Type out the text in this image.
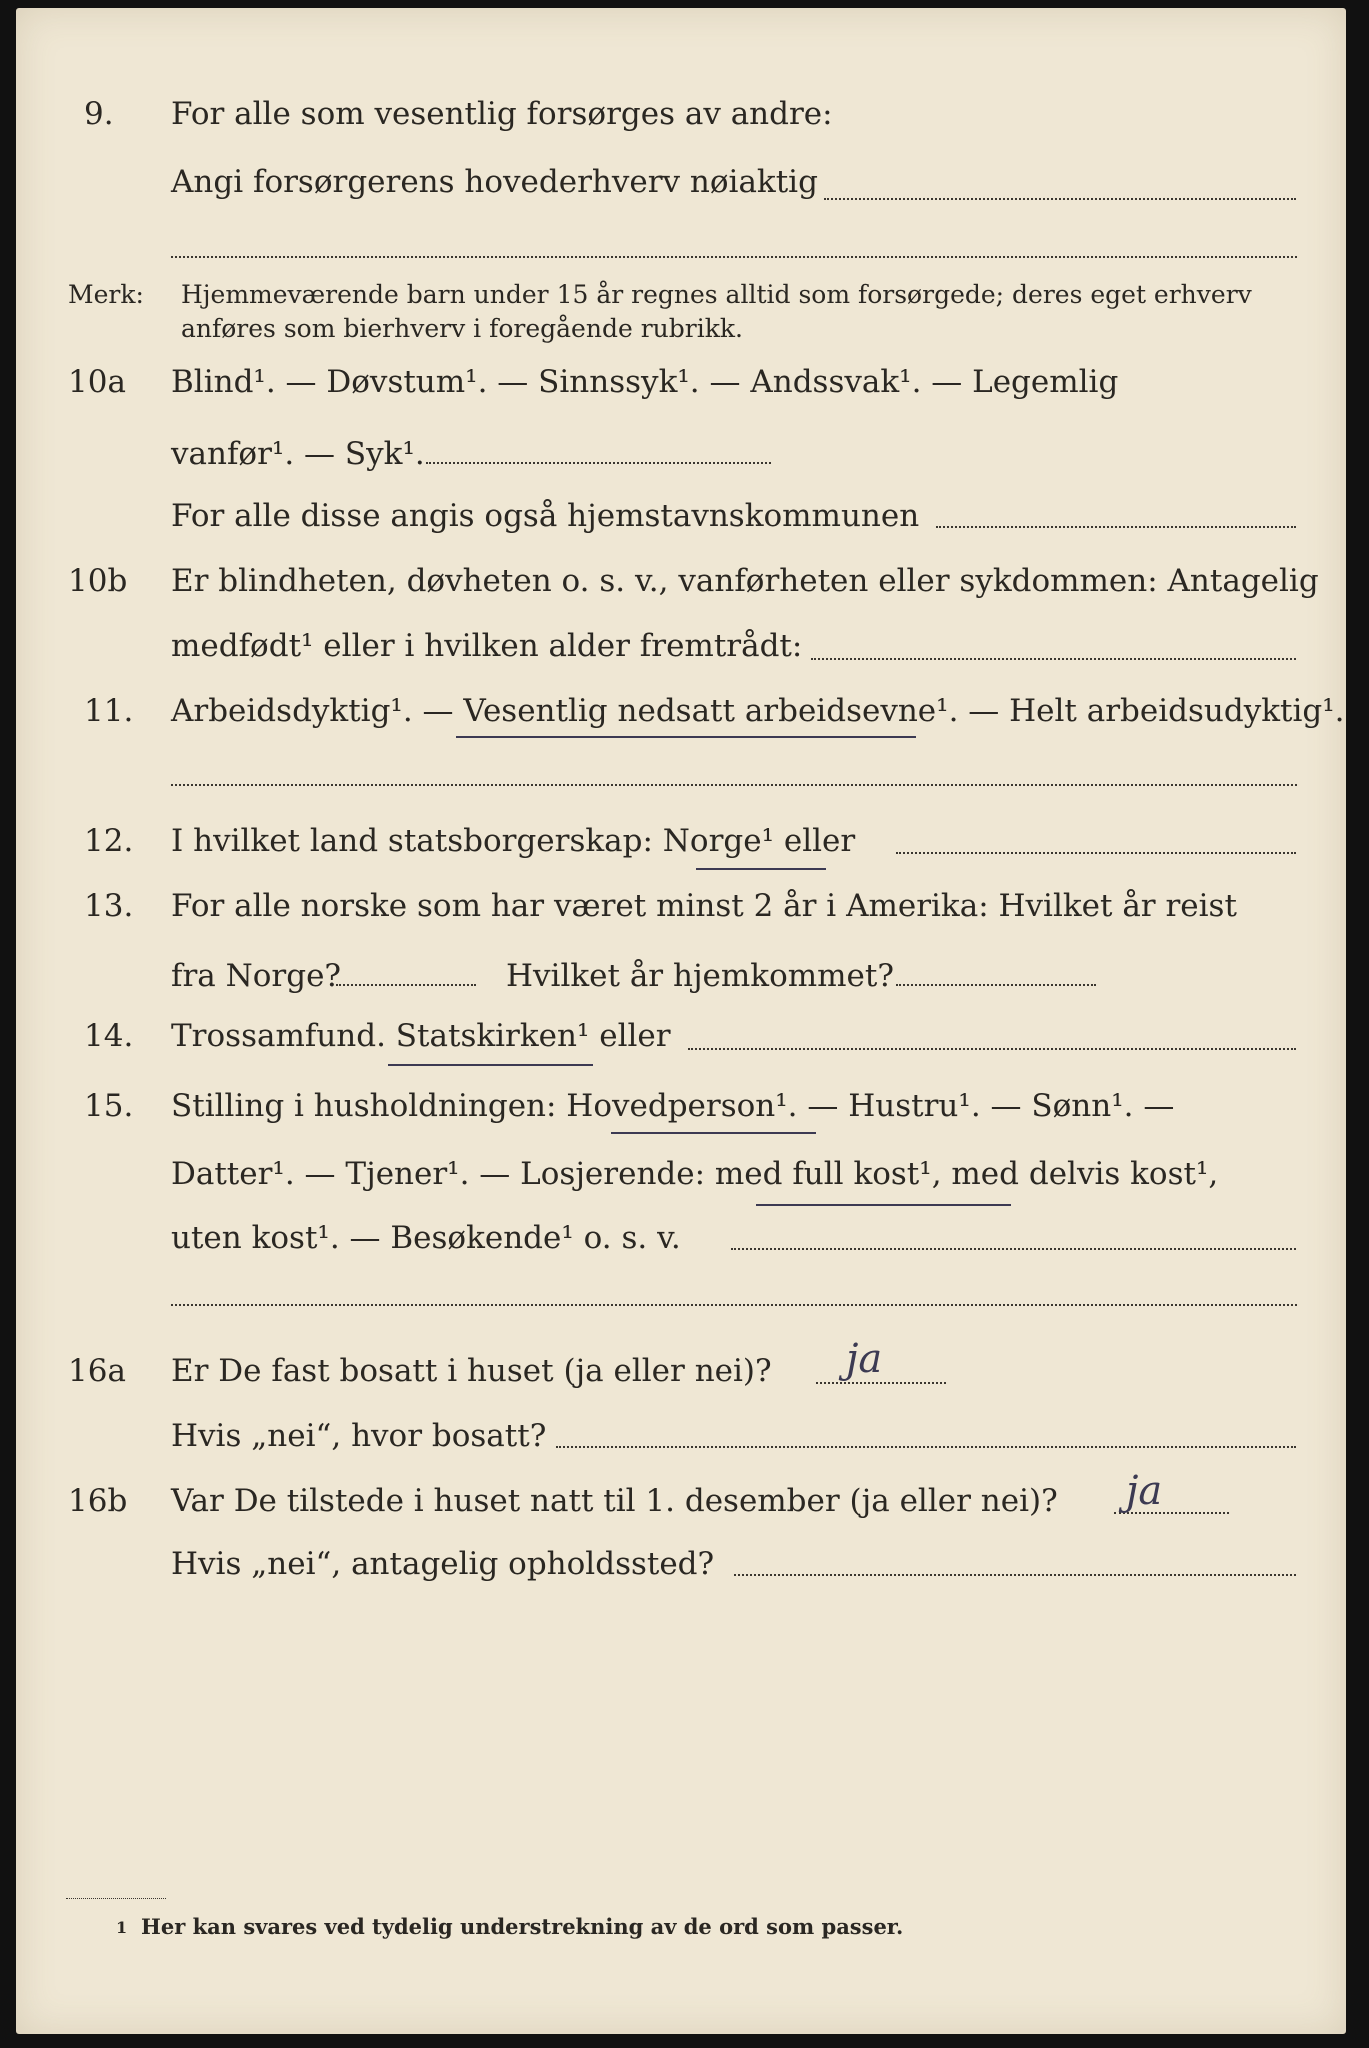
9. For alle som vesentlig forsørges av andre:
Angi forsørgerens hovederhverv nøiaktig
Merk: Hjemmeværende barn under 15 år regnes alltid som forsørgede; deres eget erhverv
anføres som bierhverv i foregående rubrikk.
10a Blind¹. — Døvstum¹. — Sinnssyk¹. — Andssvak¹. — Legemlig
vanfør¹. — Syk¹.
For alle disse angis også hjemstavnskommunen
10b Er blindheten, døvheten o. s. v., vanførheten eller sykdommen: Antagelig
medfødt¹ eller i hvilken alder fremtrådt:
11. Arbeidsdyktig¹. — Vesentlig nedsatt arbeidsevne¹. — Helt arbeidsudyktig¹.
12. I hvilket land statsborgerskap: Norge¹ eller
13. For alle norske som har været minst 2 år i Amerika: Hvilket år reist
fra Norge?	Hvilket år hjemkommet?
14. Trossamfund. Statskirken¹ eller
15. Stilling i husholdningen: Hovedperson¹. — Hustru¹. — Sønn¹. —
Datter¹. — Tjener¹. — Losjerende: med full kost¹, med delvis kost¹,
uten kost¹. — Besøkende¹ o. s. v.
16a Er De fast bosatt i huset (ja eller nei)? ja
Hvis „nei“, hvor bosatt?
16b Var De tilstede i huset natt til 1. desember (ja eller nei)? ja
Hvis „nei“, antagelig opholdssted?
1 Her kan svares ved tydelig understrekning av de ord som passer.
